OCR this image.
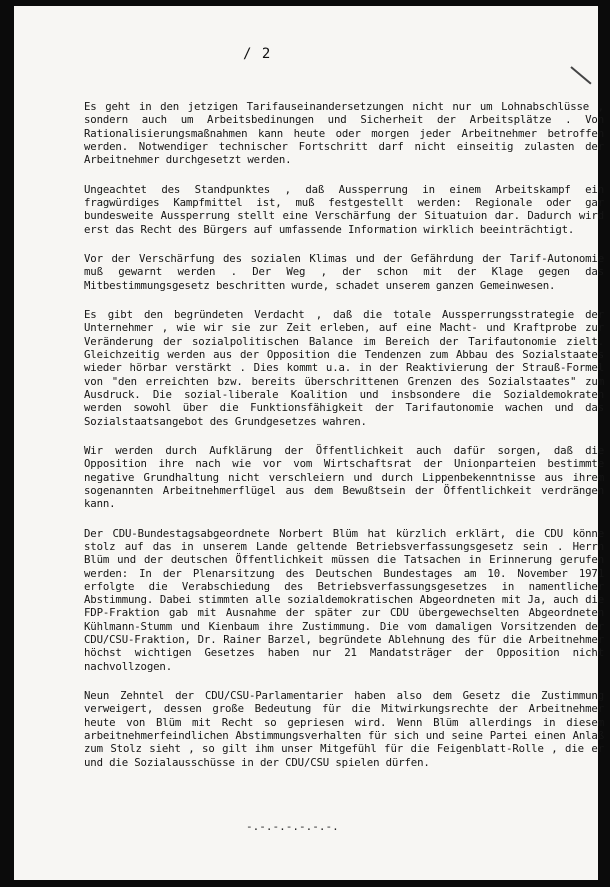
/ 2

Es geht in den jetzigen Tarifauseinandersetzungen nicht nur um Lohnabschlüsse , sondern auch um Arbeitsbedinungen und Sicherheit der Arbeitsplätze . Von Rationalisierungsmaßnahmen kann heute oder morgen jeder Arbeitnehmer betroffen werden. Notwendiger technischer Fortschritt darf nicht einseitig zulasten der Arbeitnehmer durchgesetzt werden.

Ungeachtet des Standpunktes , daß Aussperrung in einem Arbeitskampf ein fragwürdiges Kampfmittel ist, muß festgestellt werden: Regionale oder gar bundesweite Aussperrung stellt eine Verschärfung der Situatuion dar. Dadurch wird erst das Recht des Bürgers auf umfassende Information wirklich beeinträchtigt.

Vor der Verschärfung des sozialen Klimas und der Gefährdung der Tarif-Autonomie muß gewarnt werden . Der Weg , der schon mit der Klage gegen das Mitbestimmungsgesetz beschritten wurde, schadet unserem ganzen Gemeinwesen.

Es gibt den begründeten Verdacht , daß die totale Aussperrungsstrategie der Unternehmer , wie wir sie zur Zeit erleben, auf eine Macht- und Kraftprobe zur Veränderung der sozialpolitischen Balance im Bereich der Tarifautonomie zielt. Gleichzeitig werden aus der Opposition die Tendenzen zum Abbau des Sozialstaates wieder hörbar verstärkt . Dies kommt u.a. in der Reaktivierung der Strauß-Formel von "den erreichten bzw. bereits überschrittenen Grenzen des Sozialstaates" zum Ausdruck. Die sozial-liberale Koalition und insbsondere die Sozialdemokraten werden sowohl über die Funktionsfähigkeit der Tarifautonomie wachen und das Sozialstaatsangebot des Grundgesetzes wahren.

Wir werden durch Aufklärung der Öffentlichkeit auch dafür sorgen, daß die Opposition ihre nach wie vor vom Wirtschaftsrat der Unionparteien bestimmte negative Grundhaltung nicht verschleiern und durch Lippenbekenntnisse aus ihrem sogenannten Arbeitnehmerflügel aus dem Bewußtsein der Öffentlichkeit verdrängen kann.

Der CDU-Bundestagsabgeordnete Norbert Blüm hat kürzlich erklärt, die CDU könne stolz auf das in unserem Lande geltende Betriebsverfassungsgesetz sein . Herrn Blüm und der deutschen Öffentlichkeit müssen die Tatsachen in Erinnerung gerufen werden: In der Plenarsitzung des Deutschen Bundestages am 10. November 1971 erfolgte die Verabschiedung des Betriebsverfassungsgesetzes in namentlicher Abstimmung. Dabei stimmten alle sozialdemokratischen Abgeordneten mit Ja, auch die FDP-Fraktion gab mit Ausnahme der später zur CDU übergewechselten Abgeordneten Kühlmann-Stumm und Kienbaum ihre Zustimmung. Die vom damaligen Vorsitzenden der CDU/CSU-Fraktion, Dr. Rainer Barzel, begründete Ablehnung des für die Arbeitnehmer höchst wichtigen Gesetzes haben nur 21 Mandatsträger der Opposition nicht nachvollzogen.

Neun Zehntel der CDU/CSU-Parlamentarier haben also dem Gesetz die Zustimmung verweigert, dessen große Bedeutung für die Mitwirkungsrechte der Arbeitnehmer heute von Blüm mit Recht so gepriesen wird. Wenn Blüm allerdings in diesem arbeitnehmerfeindlichen Abstimmungsverhalten für sich und seine Partei einen Anlaß zum Stolz sieht , so gilt ihm unser Mitgefühl für die Feigenblatt-Rolle , die er und die Sozialausschüsse in der CDU/CSU spielen dürfen.

-.-.-.-.-.-.-.
